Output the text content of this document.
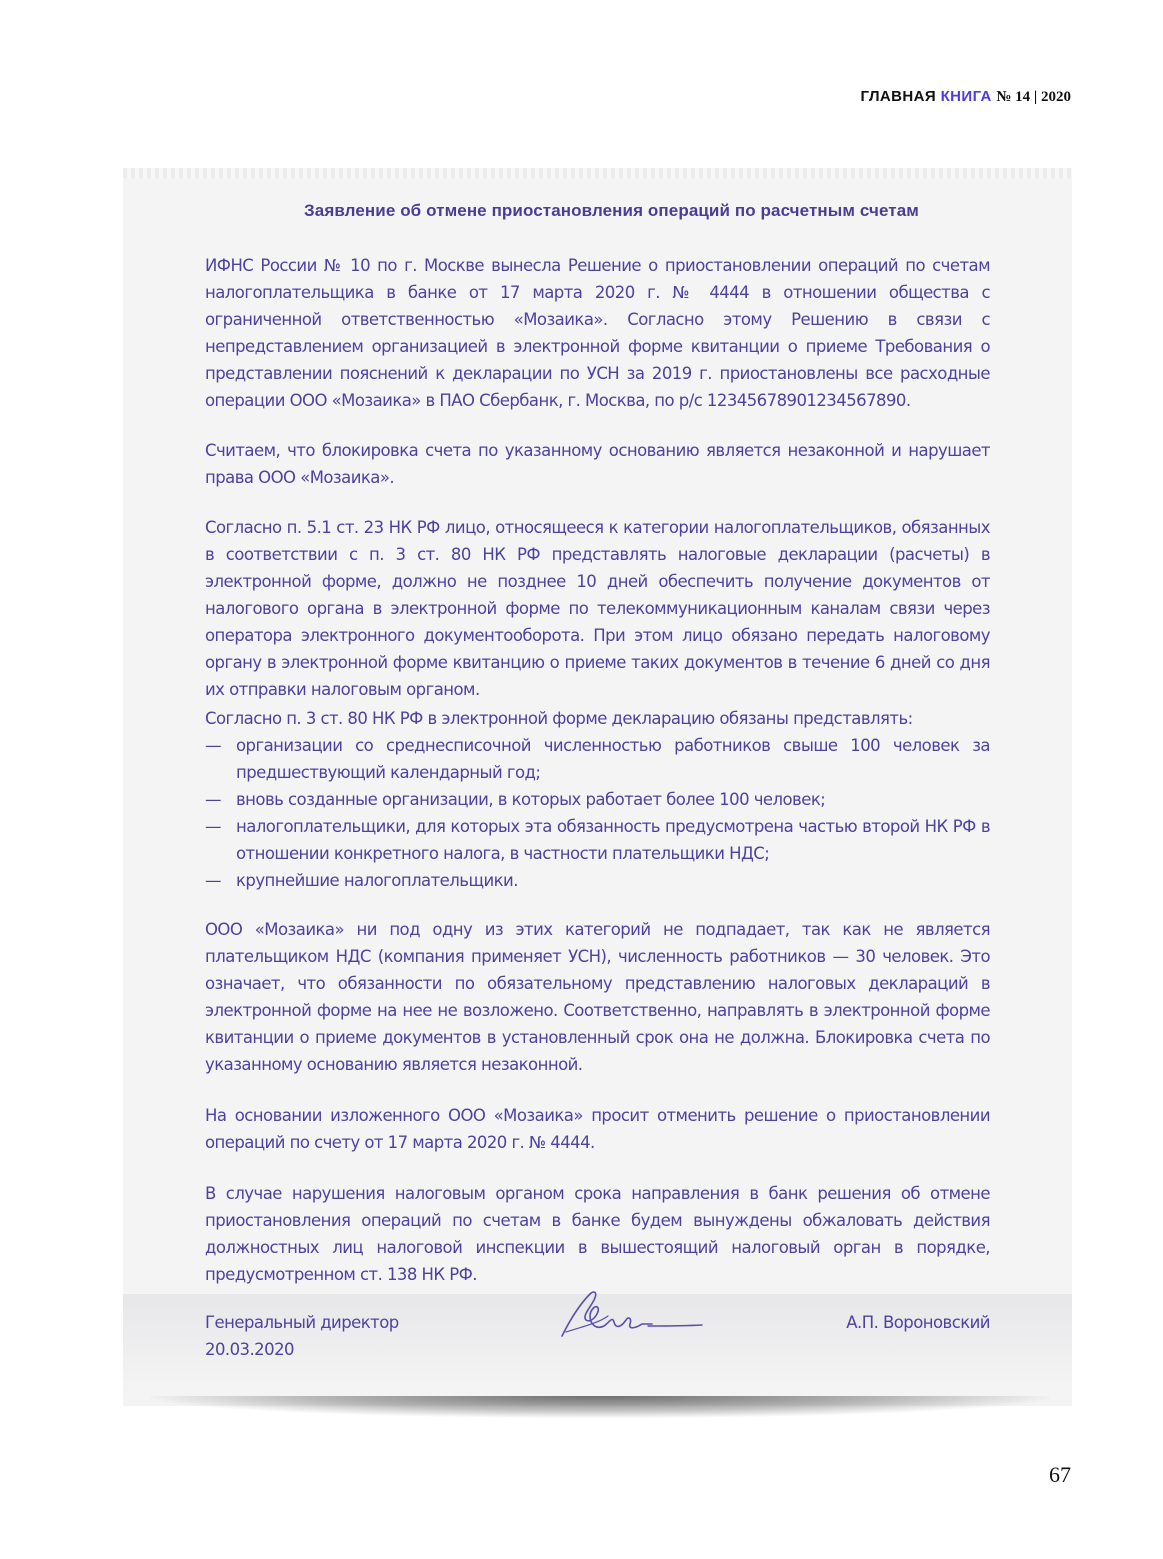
ГЛАВНАЯ КНИГА № 14 | 2020
Заявление об отмене приостановления операций по расчетным счетам

ИФНС России № 10 по г. Москве вынесла Решение о приостановлении операций по счетам налогоплательщика в банке от 17 марта 2020 г. № 4444 в отношении общества с ограниченной ответственностью «Мозаика». Согласно этому Решению в связи с непредставлением организацией в электронной форме квитанции о приеме Требования о представлении пояснений к декларации по УСН за 2019 г. приостановлены все расходные операции ООО «Мозаика» в ПАО Сбербанк, г. Москва, по р/с 12345678901234567890.

Считаем, что блокировка счета по указанному основанию является незаконной и нарушает права ООО «Мозаика».

Согласно п. 5.1 ст. 23 НК РФ лицо, относящееся к категории налогоплательщиков, обязанных в соответствии с п. 3 ст. 80 НК РФ представлять налоговые декларации (расчеты) в электронной форме, должно не позднее 10 дней обеспечить получение документов от налогового органа в электронной форме по телекоммуникационным каналам связи через оператора электронного документооборота. При этом лицо обязано передать налоговому органу в электронной форме квитанцию о приеме таких документов в течение 6 дней со дня их отправки налоговым органом.

Согласно п. 3 ст. 80 НК РФ в электронной форме декларацию обязаны представлять:

— организации со среднесписочной численностью работников свыше 100 человек за предшествующий календарный год;
— вновь созданные организации, в которых работает более 100 человек;
— налогоплательщики, для которых эта обязанность предусмотрена частью второй НК РФ в отношении конкретного налога, в частности плательщики НДС;
— крупнейшие налогоплательщики.

ООО «Мозаика» ни под одну из этих категорий не подпадает, так как не является плательщиком НДС (компания применяет УСН), численность работников — 30 человек. Это означает, что обязанности по обязательному представлению налоговых деклараций в электронной форме на нее не возложено. Соответственно, направлять в электронной форме квитанции о приеме документов в установленный срок она не должна. Блокировка счета по указанному основанию является незаконной.

На основании изложенного ООО «Мозаика» просит отменить решение о приостановлении операций по счету от 17 марта 2020 г. № 4444.

В случае нарушения налоговым органом срока направления в банк решения об отмене приостановления операций по счетам в банке будем вынуждены обжаловать действия должностных лиц налоговой инспекции в вышестоящий налоговый орган в порядке, предусмотренном ст. 138 НК РФ.

Генеральный директор
20.03.2020
А.П. Вороновский
67
